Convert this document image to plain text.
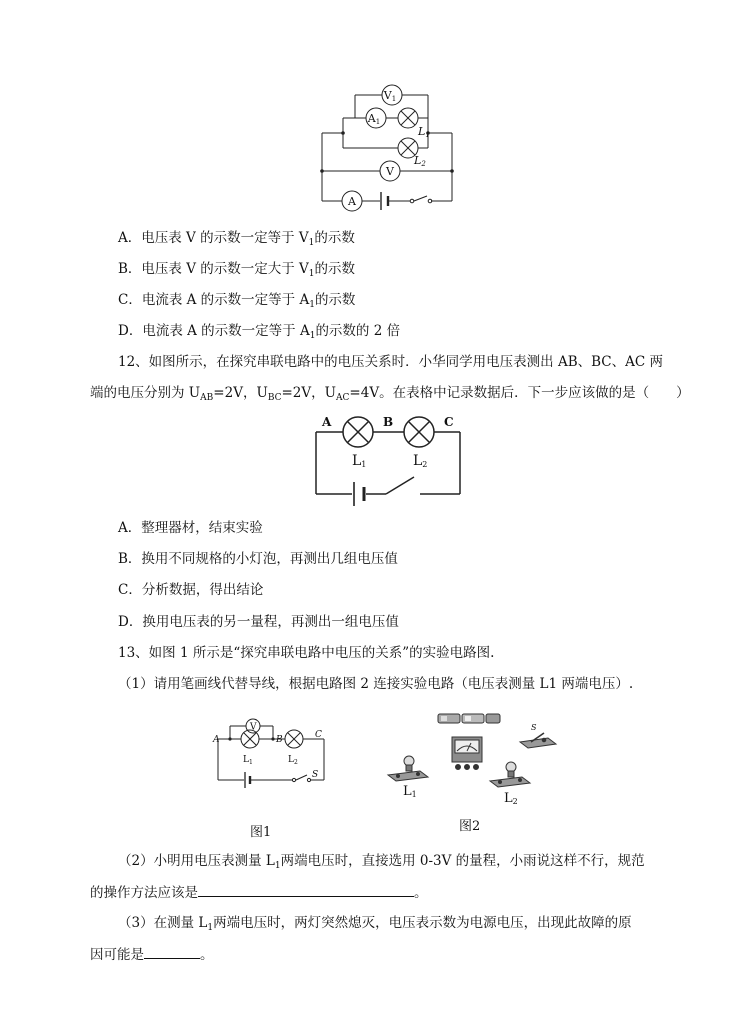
V1
A1
V
A
L1
L2
A．电压表 V 的示数一定等于 $V_1$的示数
B．电压表 V 的示数一定大于 $V_1$的示数
C．电流表 A 的示数一定等于 $A_1$的示数
D．电流表 A 的示数一定等于 $A_1$的示数的 2 倍
12、如图所示，在探究串联电路中的电压关系时．小华同学用电压表测出 AB、BC、AC 两
端的电压分别为 $U_{AB}=2V$，$U_{BC}=2V$，$U_{AC}=4V$。在表格中记录数据后．下一步应该做的是（　　）
A	B	C
L1	L2
A．整理器材，结束实验
B．换用不同规格的小灯泡，再测出几组电压值
C．分析数据，得出结论
D．换用电压表的另一量程，再测出一组电压值
13、如图 1 所示是“探究串联电路中电压的关系”的实验电路图.
（1）请用笔画线代替导线，根据电路图 2 连接实验电路（电压表测量 L1 两端电压）.
V
A	B	C
S
$L_1$	$L_2$
S
L1	L2
图1	图2
（2）小明用电压表测量 $L_1$两端电压时，直接选用 0-3V 的量程，小雨说这样不行，规范
的操作方法应该是	。
（3）在测量 $L_1$两端电压时，两灯突然熄灭，电压表示数为电源电压，出现此故障的原
因可能是	。
